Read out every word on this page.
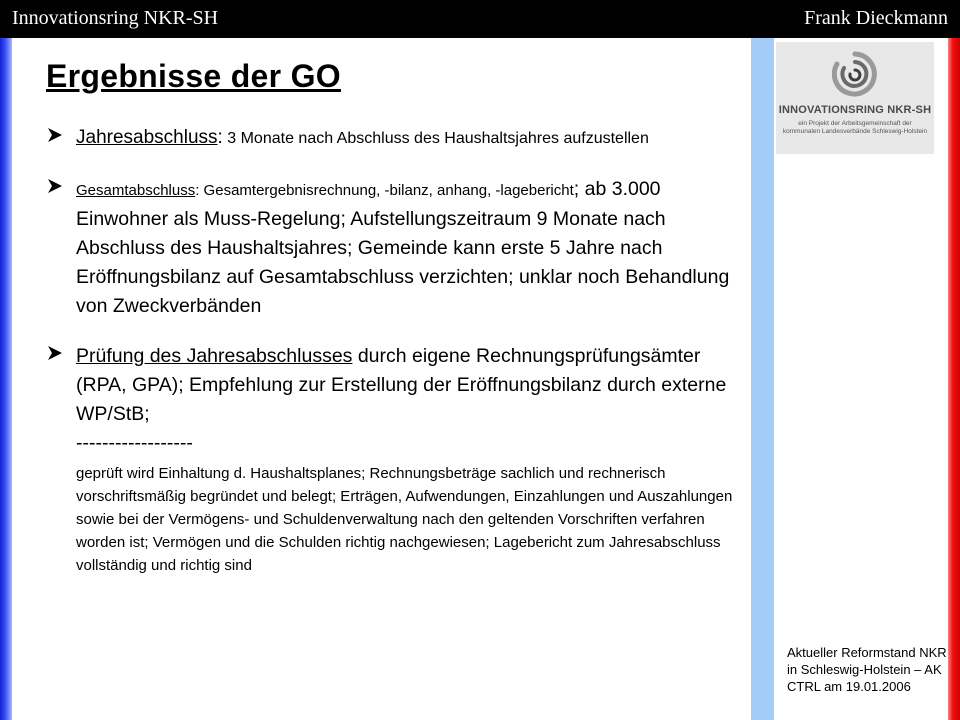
Innovationsring NKR-SH	Frank Dieckmann
Ergebnisse der GO

Jahresabschluss: 3 Monate nach Abschluss des Haushaltsjahres aufzustellen

Gesamtabschluss: Gesamtergebnisrechnung, -bilanz, anhang, -lagebericht; ab 3.000 Einwohner als Muss-Regelung; Aufstellungszeitraum 9 Monate nach Abschluss des Haushaltsjahres; Gemeinde kann erste 5 Jahre nach Eröffnungsbilanz auf Gesamtabschluss verzichten; unklar noch Behandlung von Zweckverbänden

Prüfung des Jahresabschlusses durch eigene Rechnungsprüfungsämter (RPA, GPA); Empfehlung zur Erstellung der Eröffnungsbilanz durch externe WP/StB;

------------------

geprüft wird Einhaltung d. Haushaltsplanes; Rechnungsbeträge sachlich und rechnerisch vorschriftsmäßig begründet und belegt; Erträgen, Aufwendungen, Einzahlungen und Auszahlungen sowie bei der Vermögens- und Schuldenverwaltung nach den geltenden Vorschriften verfahren worden ist; Vermögen und die Schulden richtig nachgewiesen; Lagebericht zum Jahresabschluss vollständig und richtig sind

INNOVATIONSRING NKR-SH
ein Projekt der Arbeitsgemeinschaft der kommunalen Landesverbände Schleswig-Holstein
Aktueller Reformstand NKR in Schleswig-Holstein – AK CTRL am 19.01.2006
